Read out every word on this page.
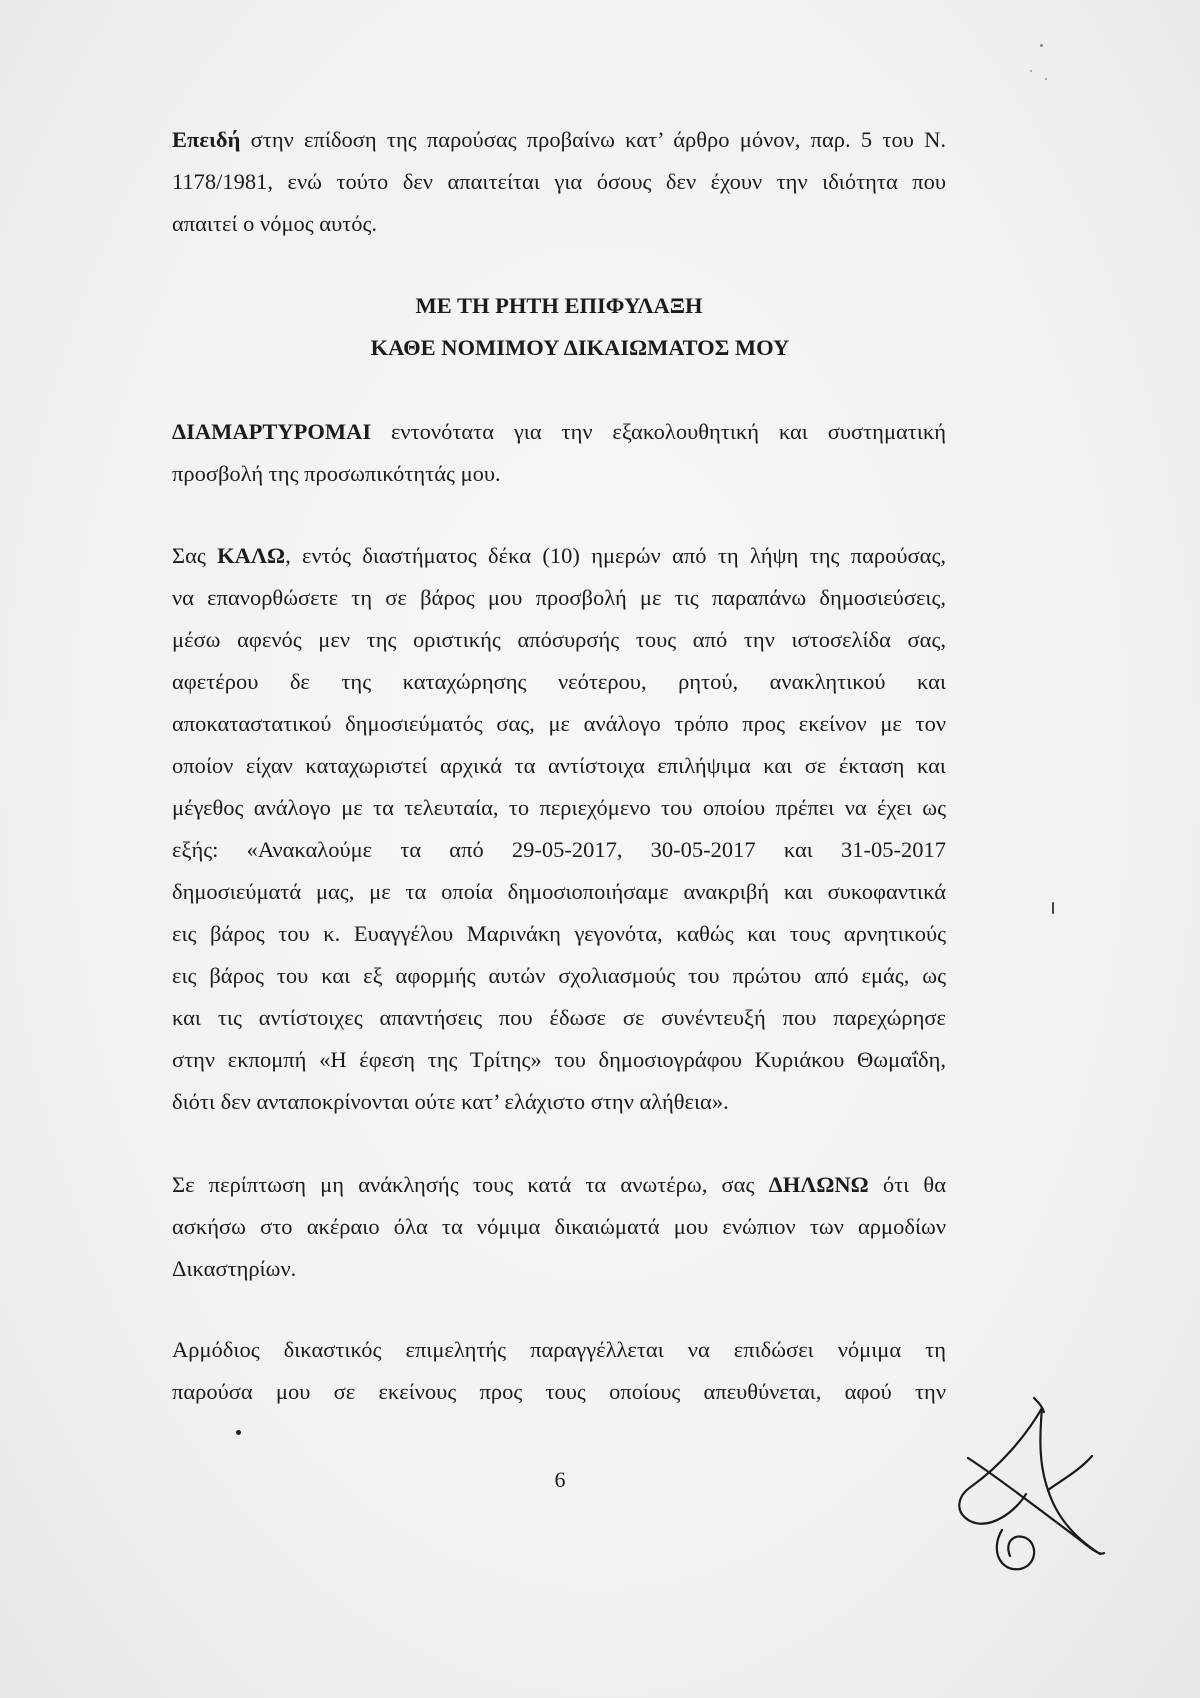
Επειδή στην επίδοση της παρούσας προβαίνω κατ’ άρθρο μόνον, παρ. 5 του Ν.
1178/1981, ενώ τούτο δεν απαιτείται για όσους δεν έχουν την ιδιότητα που
απαιτεί ο νόμος αυτός.
ΜΕ ΤΗ ΡΗΤΗ ΕΠΙΦΥΛΑΞΗ
ΚΑΘΕ ΝΟΜΙΜΟΥ ΔΙΚΑΙΩΜΑΤΟΣ ΜΟΥ
ΔΙΑΜΑΡΤΥΡΟΜΑΙ εντονότατα για την εξακολουθητική και συστηματική
προσβολή της προσωπικότητάς μου.
Σας ΚΑΛΩ, εντός διαστήματος δέκα (10) ημερών από τη λήψη της παρούσας,
να επανορθώσετε τη σε βάρος μου προσβολή με τις παραπάνω δημοσιεύσεις,
μέσω αφενός μεν της οριστικής απόσυρσής τους από την ιστοσελίδα σας,
αφετέρου δε της καταχώρησης νεότερου, ρητού, ανακλητικού και
αποκαταστατικού δημοσιεύματός σας, με ανάλογο τρόπο προς εκείνον με τον
οποίον είχαν καταχωριστεί αρχικά τα αντίστοιχα επιλήψιμα και σε έκταση και
μέγεθος ανάλογο με τα τελευταία, το περιεχόμενο του οποίου πρέπει να έχει ως
εξής: «Ανακαλούμε τα από 29-05-2017, 30-05-2017 και 31-05-2017
δημοσιεύματά μας, με τα οποία δημοσιοποιήσαμε ανακριβή και συκοφαντικά
εις βάρος του κ. Ευαγγέλου Μαρινάκη γεγονότα, καθώς και τους αρνητικούς
εις βάρος του και εξ αφορμής αυτών σχολιασμούς του πρώτου από εμάς, ως
και τις αντίστοιχες απαντήσεις που έδωσε σε συνέντευξή που παρεχώρησε
στην εκπομπή «Η έφεση της Τρίτης» του δημοσιογράφου Κυριάκου Θωμαΐδη,
διότι δεν ανταποκρίνονται ούτε κατ’ ελάχιστο στην αλήθεια».
Σε περίπτωση μη ανάκλησής τους κατά τα ανωτέρω, σας ΔΗΛΩΝΩ ότι θα
ασκήσω στο ακέραιο όλα τα νόμιμα δικαιώματά μου ενώπιον των αρμοδίων
Δικαστηρίων.
Αρμόδιος δικαστικός επιμελητής παραγγέλλεται να επιδώσει νόμιμα τη
παρούσα μου σε εκείνους προς τους οποίους απευθύνεται, αφού την
6
